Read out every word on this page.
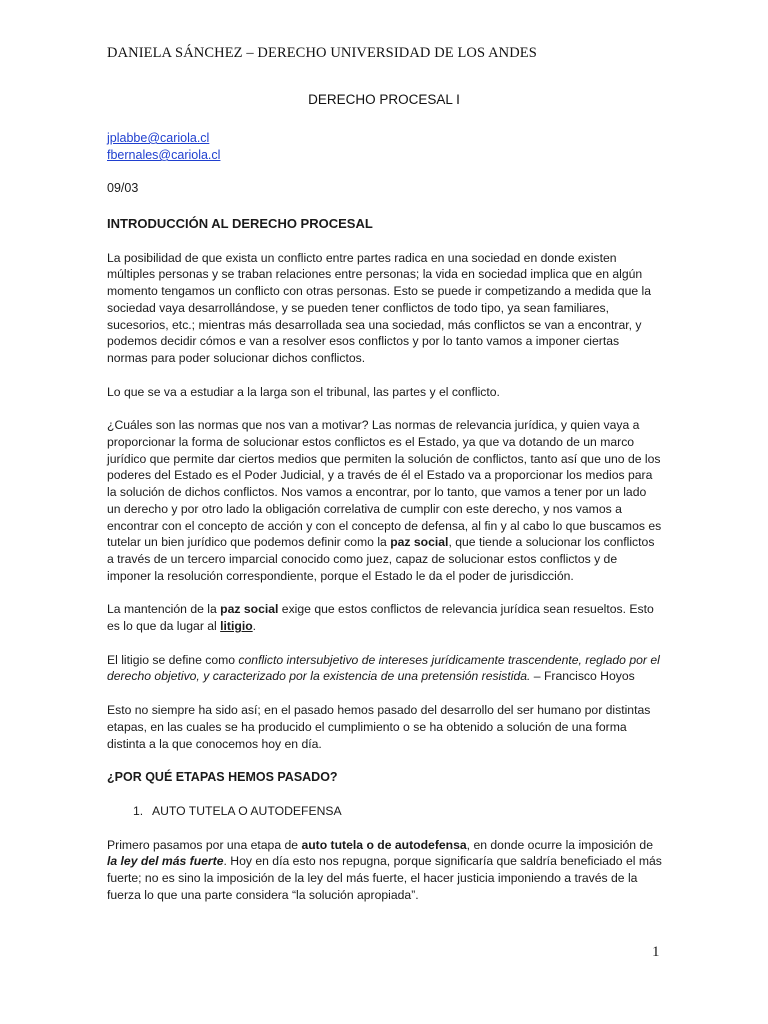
DANIELA SÁNCHEZ – DERECHO UNIVERSIDAD DE LOS ANDES
DERECHO PROCESAL I
jplabbe@cariola.cl
fbernales@cariola.cl
09/03
INTRODUCCIÓN AL DERECHO PROCESAL

La posibilidad de que exista un conflicto entre partes radica en una sociedad en donde existen múltiples personas y se traban relaciones entre personas; la vida en sociedad implica que en algún momento tengamos un conflicto con otras personas. Esto se puede ir competizando a medida que la sociedad vaya desarrollándose, y se pueden tener conflictos de todo tipo, ya sean familiares, sucesorios, etc.; mientras más desarrollada sea una sociedad, más conflictos se van a encontrar, y podemos decidir cómos e van a resolver esos conflictos y por lo tanto vamos a imponer ciertas normas para poder solucionar dichos conflictos.

Lo que se va a estudiar a la larga son el tribunal, las partes y el conflicto.

¿Cuáles son las normas que nos van a motivar? Las normas de relevancia jurídica, y quien vaya a proporcionar la forma de solucionar estos conflictos es el Estado, ya que va dotando de un marco jurídico que permite dar ciertos medios que permiten la solución de conflictos, tanto así que uno de los poderes del Estado es el Poder Judicial, y a través de él el Estado va a proporcionar los medios para la solución de dichos conflictos. Nos vamos a encontrar, por lo tanto, que vamos a tener por un lado un derecho y por otro lado la obligación correlativa de cumplir con este derecho, y nos vamos a encontrar con el concepto de acción y con el concepto de defensa, al fin y al cabo lo que buscamos es tutelar un bien jurídico que podemos definir como la paz social, que tiende a solucionar los conflictos a través de un tercero imparcial conocido como juez, capaz de solucionar estos conflictos y de imponer la resolución correspondiente, porque el Estado le da el poder de jurisdicción.

La mantención de la paz social exige que estos conflictos de relevancia jurídica sean resueltos. Esto es lo que da lugar al litigio.

El litigio se define como conflicto intersubjetivo de intereses jurídicamente trascendente, reglado por el derecho objetivo, y caracterizado por la existencia de una pretensión resistida. – Francisco Hoyos

Esto no siempre ha sido así; en el pasado hemos pasado del desarrollo del ser humano por distintas etapas, en las cuales se ha producido el cumplimiento o se ha obtenido a solución de una forma distinta a la que conocemos hoy en día.

¿POR QUÉ ETAPAS HEMOS PASADO?
1. AUTO TUTELA O AUTODEFENSA

Primero pasamos por una etapa de auto tutela o de autodefensa, en donde ocurre la imposición de la ley del más fuerte. Hoy en día esto nos repugna, porque significaría que saldría beneficiado el más fuerte; no es sino la imposición de la ley del más fuerte, el hacer justicia imponiendo a través de la fuerza lo que una parte considera “la solución apropiada”.

1
